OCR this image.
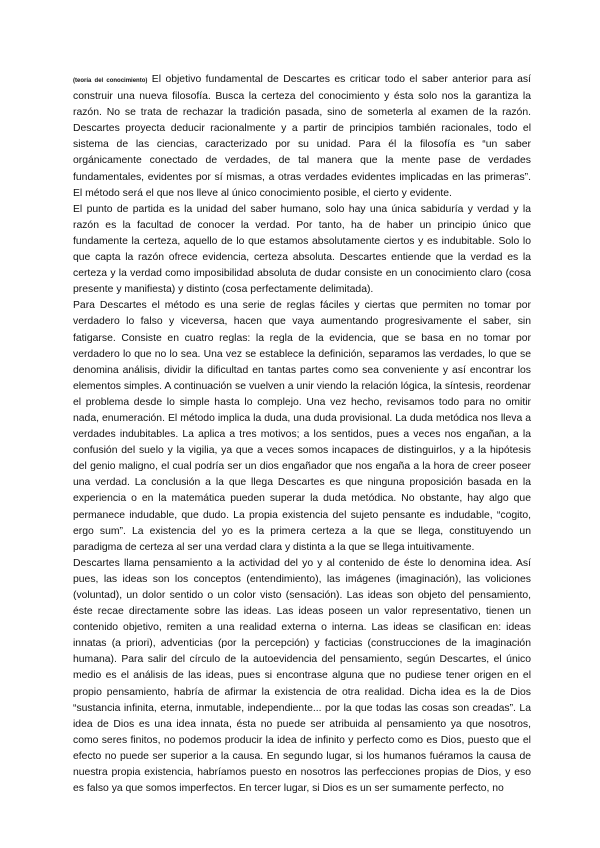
(teoría del conocimiento) El objetivo fundamental de Descartes es criticar todo el saber anterior para así construir una nueva filosofía. Busca la certeza del conocimiento y ésta solo nos la garantiza la razón. No se trata de rechazar la tradición pasada, sino de someterla al examen de la razón. Descartes proyecta deducir racionalmente y a partir de principios también racionales, todo el sistema de las ciencias, caracterizado por su unidad. Para él la filosofía es “un saber orgánicamente conectado de verdades, de tal manera que la mente pase de verdades fundamentales, evidentes por sí mismas, a otras verdades evidentes implicadas en las primeras”. El método será el que nos lleve al único conocimiento posible, el cierto y evidente.

El punto de partida es la unidad del saber humano, solo hay una única sabiduría y verdad y la razón es la facultad de conocer la verdad. Por tanto, ha de haber un principio único que fundamente la certeza, aquello de lo que estamos absolutamente ciertos y es indubitable. Solo lo que capta la razón ofrece evidencia, certeza absoluta. Descartes entiende que la verdad es la certeza y la verdad como imposibilidad absoluta de dudar consiste en un conocimiento claro (cosa presente y manifiesta) y distinto (cosa perfectamente delimitada).

Para Descartes el método es una serie de reglas fáciles y ciertas que permiten no tomar por verdadero lo falso y viceversa, hacen que vaya aumentando progresivamente el saber, sin fatigarse. Consiste en cuatro reglas: la regla de la evidencia, que se basa en no tomar por verdadero lo que no lo sea. Una vez se establece la definición, separamos las verdades, lo que se denomina análisis, dividir la dificultad en tantas partes como sea conveniente y así encontrar los elementos simples. A continuación se vuelven a unir viendo la relación lógica, la síntesis, reordenar el problema desde lo simple hasta lo complejo. Una vez hecho, revisamos todo para no omitir nada, enumeración. El método implica la duda, una duda provisional. La duda metódica nos lleva a verdades indubitables. La aplica a tres motivos; a los sentidos, pues a veces nos engañan, a la confusión del suelo y la vigilia, ya que a veces somos incapaces de distinguirlos, y a la hipótesis del genio maligno, el cual podría ser un dios engañador que nos engaña a la hora de creer poseer una verdad. La conclusión a la que llega Descartes es que ninguna proposición basada en la experiencia o en la matemática pueden superar la duda metódica. No obstante, hay algo que permanece indudable, que dudo. La propia existencia del sujeto pensante es indudable, “cogito, ergo sum”. La existencia del yo es la primera certeza a la que se llega, constituyendo un paradigma de certeza al ser una verdad clara y distinta a la que se llega intuitivamente.

Descartes llama pensamiento a la actividad del yo y al contenido de éste lo denomina idea. Así pues, las ideas son los conceptos (entendimiento), las imágenes (imaginación), las voliciones (voluntad), un dolor sentido o un color visto (sensación). Las ideas son objeto del pensamiento, éste recae directamente sobre las ideas. Las ideas poseen un valor representativo, tienen un contenido objetivo, remiten a una realidad externa o interna. Las ideas se clasifican en: ideas innatas (a priori), adventicias (por la percepción) y facticias (construcciones de la imaginación humana). Para salir del círculo de la autoevidencia del pensamiento, según Descartes, el único medio es el análisis de las ideas, pues si encontrase alguna que no pudiese tener origen en el propio pensamiento, habría de afirmar la existencia de otra realidad. Dicha idea es la de Dios “sustancia infinita, eterna, inmutable, independiente... por la que todas las cosas son creadas”. La idea de Dios es una idea innata, ésta no puede ser atribuida al pensamiento ya que nosotros, como seres finitos, no podemos producir la idea de infinito y perfecto como es Dios, puesto que el efecto no puede ser superior a la causa. En segundo lugar, si los humanos fuéramos la causa de nuestra propia existencia, habríamos puesto en nosotros las perfecciones propias de Dios, y eso es falso ya que somos imperfectos. En tercer lugar, si Dios es un ser sumamente perfecto, no
